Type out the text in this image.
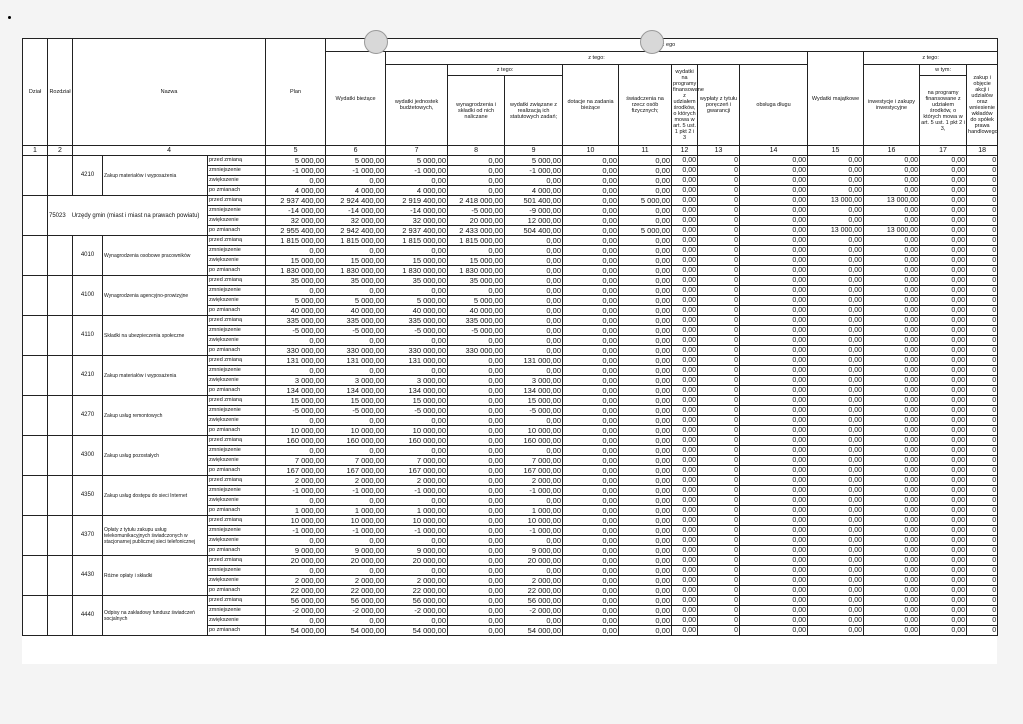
Dział	Rozdział	Nazwa			Plan	ego												
						Wydatki bieżące	z tego:								Wydatki majątkowe	z tego:		
							wydatki jednostek budżetowych,	z tego:		dotacje na zadania bieżące	świadczenia na rzecz osób fizycznych;	wydatki na programy finansowane z udziałem środków, o których mowa w art. 5 ust. 1 pkt 2 i 3	wypłaty z tytułu poręczeń i gwarancji	obsługa długu		inwestycje i zakupy inwestycyjne	w tym:	zakup i objęcie akcji i udziałów oraz wniesienie wkładów do spółek prawa handlowego
								wynagrodzenia i składki od nich naliczane	wydatki związane z realizacją ich statutowych zadań;								na programy finansowane z udziałem środków, o których mowa w art. 5 ust. 1 pkt 2 i 3,	
1	2	4			5	6	7	8	9	10	11	12	13	14	15	16	17	18
		4210	Zakup materiałów i wyposażenia	przed zmianą	5 000,00	5 000,00	5 000,00	0,00	5 000,00	0,00	0,00	0,00	0	0,00	0,00	0,00	0,00	0
				zmniejszenie	-1 000,00	-1 000,00	-1 000,00	0,00	-1 000,00	0,00	0,00	0,00	0	0,00	0,00	0,00	0,00	0
				zwiększenie	0,00	0,00	0,00	0,00	0,00	0,00	0,00	0,00	0	0,00	0,00	0,00	0,00	0
				po zmianach	4 000,00	4 000,00	4 000,00	0,00	4 000,00	0,00	0,00	0,00	0	0,00	0,00	0,00	0,00	0
	75023 Urzędy gmin (miast i miast na prawach powiatu)			przed zmianą	2 937 400,00	2 924 400,00	2 919 400,00	2 418 000,00	501 400,00	0,00	5 000,00	0,00	0	0,00	13 000,00	13 000,00	0,00	0
				zmniejszenie	-14 000,00	-14 000,00	-14 000,00	-5 000,00	-9 000,00	0,00	0,00	0,00	0	0,00	0,00	0,00	0,00	0
				zwiększenie	32 000,00	32 000,00	32 000,00	20 000,00	12 000,00	0,00	0,00	0,00	0	0,00	0,00	0,00	0,00	0
				po zmianach	2 955 400,00	2 942 400,00	2 937 400,00	2 433 000,00	504 400,00	0,00	5 000,00	0,00	0	0,00	13 000,00	13 000,00	0,00	0
		4010	Wynagrodzenia osobowe pracowników	przed zmianą	1 815 000,00	1 815 000,00	1 815 000,00	1 815 000,00	0,00	0,00	0,00	0,00	0	0,00	0,00	0,00	0,00	0
				zmniejszenie	0,00	0,00	0,00	0,00	0,00	0,00	0,00	0,00	0	0,00	0,00	0,00	0,00	0
				zwiększenie	15 000,00	15 000,00	15 000,00	15 000,00	0,00	0,00	0,00	0,00	0	0,00	0,00	0,00	0,00	0
				po zmianach	1 830 000,00	1 830 000,00	1 830 000,00	1 830 000,00	0,00	0,00	0,00	0,00	0	0,00	0,00	0,00	0,00	0
		4100	Wynagrodzenia agencyjno-prowizyjne	przed zmianą	35 000,00	35 000,00	35 000,00	35 000,00	0,00	0,00	0,00	0,00	0	0,00	0,00	0,00	0,00	0
				zmniejszenie	0,00	0,00	0,00	0,00	0,00	0,00	0,00	0,00	0	0,00	0,00	0,00	0,00	0
				zwiększenie	5 000,00	5 000,00	5 000,00	5 000,00	0,00	0,00	0,00	0,00	0	0,00	0,00	0,00	0,00	0
				po zmianach	40 000,00	40 000,00	40 000,00	40 000,00	0,00	0,00	0,00	0,00	0	0,00	0,00	0,00	0,00	0
		4110	Składki na ubezpieczenia społeczne	przed zmianą	335 000,00	335 000,00	335 000,00	335 000,00	0,00	0,00	0,00	0,00	0	0,00	0,00	0,00	0,00	0
				zmniejszenie	-5 000,00	-5 000,00	-5 000,00	-5 000,00	0,00	0,00	0,00	0,00	0	0,00	0,00	0,00	0,00	0
				zwiększenie	0,00	0,00	0,00	0,00	0,00	0,00	0,00	0,00	0	0,00	0,00	0,00	0,00	0
				po zmianach	330 000,00	330 000,00	330 000,00	330 000,00	0,00	0,00	0,00	0,00	0	0,00	0,00	0,00	0,00	0
		4210	Zakup materiałów i wyposażenia	przed zmianą	131 000,00	131 000,00	131 000,00	0,00	131 000,00	0,00	0,00	0,00	0	0,00	0,00	0,00	0,00	0
				zmniejszenie	0,00	0,00	0,00	0,00	0,00	0,00	0,00	0,00	0	0,00	0,00	0,00	0,00	0
				zwiększenie	3 000,00	3 000,00	3 000,00	0,00	3 000,00	0,00	0,00	0,00	0	0,00	0,00	0,00	0,00	0
				po zmianach	134 000,00	134 000,00	134 000,00	0,00	134 000,00	0,00	0,00	0,00	0	0,00	0,00	0,00	0,00	0
		4270	Zakup usług remontowych	przed zmianą	15 000,00	15 000,00	15 000,00	0,00	15 000,00	0,00	0,00	0,00	0	0,00	0,00	0,00	0,00	0
				zmniejszenie	-5 000,00	-5 000,00	-5 000,00	0,00	-5 000,00	0,00	0,00	0,00	0	0,00	0,00	0,00	0,00	0
				zwiększenie	0,00	0,00	0,00	0,00	0,00	0,00	0,00	0,00	0	0,00	0,00	0,00	0,00	0
				po zmianach	10 000,00	10 000,00	10 000,00	0,00	10 000,00	0,00	0,00	0,00	0	0,00	0,00	0,00	0,00	0
		4300	Zakup usług pozostałych	przed zmianą	160 000,00	160 000,00	160 000,00	0,00	160 000,00	0,00	0,00	0,00	0	0,00	0,00	0,00	0,00	0
				zmniejszenie	0,00	0,00	0,00	0,00	0,00	0,00	0,00	0,00	0	0,00	0,00	0,00	0,00	0
				zwiększenie	7 000,00	7 000,00	7 000,00	0,00	7 000,00	0,00	0,00	0,00	0	0,00	0,00	0,00	0,00	0
				po zmianach	167 000,00	167 000,00	167 000,00	0,00	167 000,00	0,00	0,00	0,00	0	0,00	0,00	0,00	0,00	0
		4350	Zakup usług dostępu do sieci Internet	przed zmianą	2 000,00	2 000,00	2 000,00	0,00	2 000,00	0,00	0,00	0,00	0	0,00	0,00	0,00	0,00	0
				zmniejszenie	-1 000,00	-1 000,00	-1 000,00	0,00	-1 000,00	0,00	0,00	0,00	0	0,00	0,00	0,00	0,00	0
				zwiększenie	0,00	0,00	0,00	0,00	0,00	0,00	0,00	0,00	0	0,00	0,00	0,00	0,00	0
				po zmianach	1 000,00	1 000,00	1 000,00	0,00	1 000,00	0,00	0,00	0,00	0	0,00	0,00	0,00	0,00	0
		4370	Opłaty z tytułu zakupu usług telekomunikacyjnych świadczonych w stacjonarnej publicznej sieci telefonicznej	przed zmianą	10 000,00	10 000,00	10 000,00	0,00	10 000,00	0,00	0,00	0,00	0	0,00	0,00	0,00	0,00	0
				zmniejszenie	-1 000,00	-1 000,00	-1 000,00	0,00	-1 000,00	0,00	0,00	0,00	0	0,00	0,00	0,00	0,00	0
				zwiększenie	0,00	0,00	0,00	0,00	0,00	0,00	0,00	0,00	0	0,00	0,00	0,00	0,00	0
				po zmianach	9 000,00	9 000,00	9 000,00	0,00	9 000,00	0,00	0,00	0,00	0	0,00	0,00	0,00	0,00	0
		4430	Różne opłaty i składki	przed zmianą	20 000,00	20 000,00	20 000,00	0,00	20 000,00	0,00	0,00	0,00	0	0,00	0,00	0,00	0,00	0
				zmniejszenie	0,00	0,00	0,00	0,00	0,00	0,00	0,00	0,00	0	0,00	0,00	0,00	0,00	0
				zwiększenie	2 000,00	2 000,00	2 000,00	0,00	2 000,00	0,00	0,00	0,00	0	0,00	0,00	0,00	0,00	0
				po zmianach	22 000,00	22 000,00	22 000,00	0,00	22 000,00	0,00	0,00	0,00	0	0,00	0,00	0,00	0,00	0
		4440	Odpisy na zakładowy fundusz świadczeń socjalnych	przed zmianą	56 000,00	56 000,00	56 000,00	0,00	56 000,00	0,00	0,00	0,00	0	0,00	0,00	0,00	0,00	0
				zmniejszenie	-2 000,00	-2 000,00	-2 000,00	0,00	-2 000,00	0,00	0,00	0,00	0	0,00	0,00	0,00	0,00	0
				zwiększenie	0,00	0,00	0,00	0,00	0,00	0,00	0,00	0,00	0	0,00	0,00	0,00	0,00	0
				po zmianach	54 000,00	54 000,00	54 000,00	0,00	54 000,00	0,00	0,00	0,00	0	0,00	0,00	0,00	0,00	0
